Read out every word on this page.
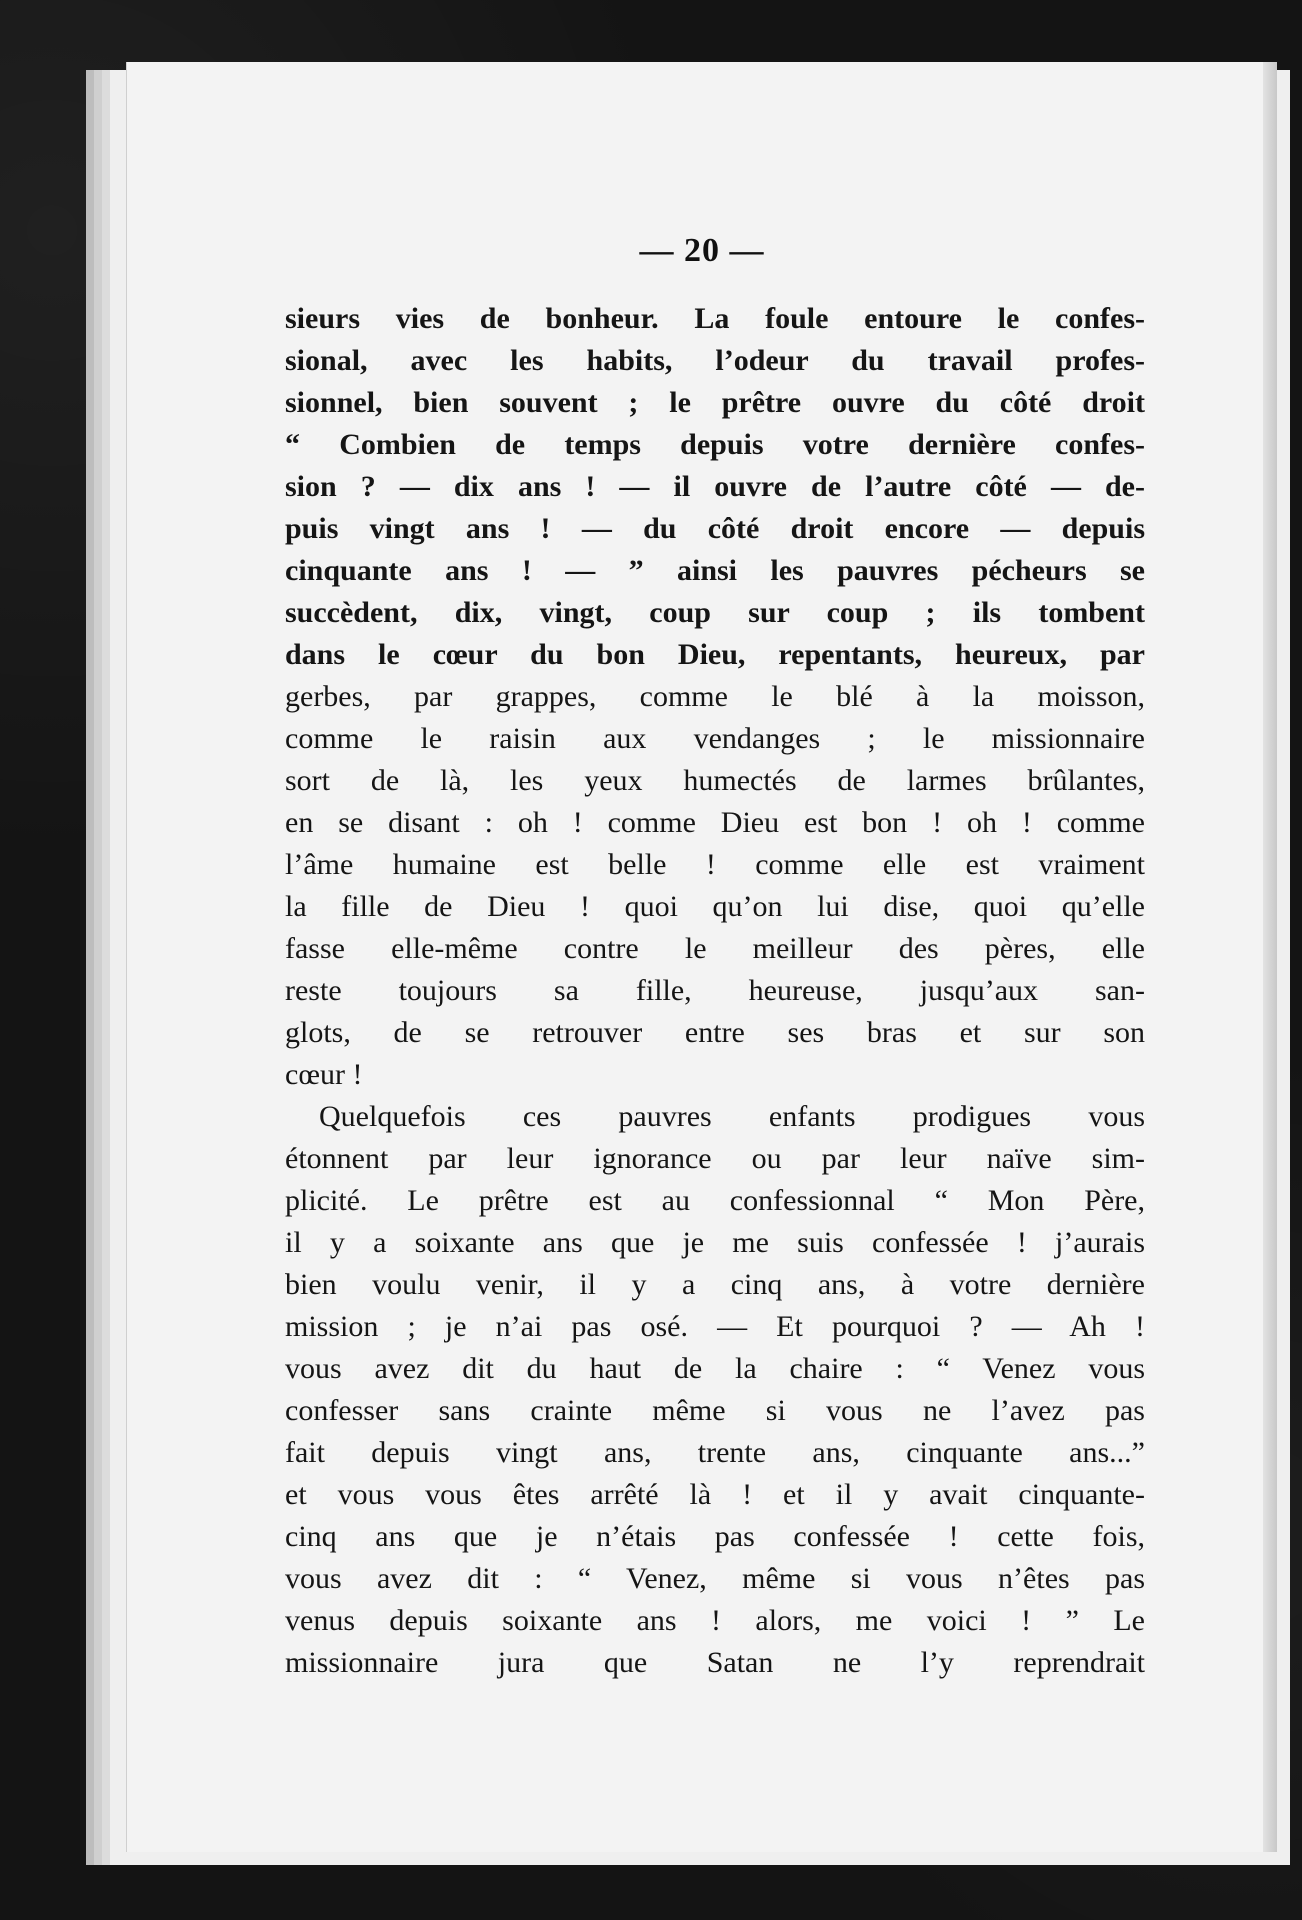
— 20 —
sieurs vies de bonheur. La foule entoure le confes-
sional, avec les habits, l’odeur du travail profes-
sionnel, bien souvent ; le prêtre ouvre du côté droit
“ Combien de temps depuis votre dernière confes-
sion ? — dix ans ! — il ouvre de l’autre côté — de-
puis vingt ans ! — du côté droit encore — depuis
cinquante ans ! — ” ainsi les pauvres pécheurs se
succèdent, dix, vingt, coup sur coup ; ils tombent
dans le cœur du bon Dieu, repentants, heureux, par
gerbes, par grappes, comme le blé à la moisson,
comme le raisin aux vendanges ; le missionnaire
sort de là, les yeux humectés de larmes brûlantes,
en se disant : oh ! comme Dieu est bon ! oh ! comme
l’âme humaine est belle ! comme elle est vraiment
la fille de Dieu ! quoi qu’on lui dise, quoi qu’elle
fasse elle-même contre le meilleur des pères, elle
reste toujours sa fille, heureuse, jusqu’aux san-
glots, de se retrouver entre ses bras et sur son
cœur !
Quelquefois ces pauvres enfants prodigues vous
étonnent par leur ignorance ou par leur naïve sim-
plicité. Le prêtre est au confessionnal “ Mon Père,
il y a soixante ans que je me suis confessée ! j’aurais
bien voulu venir, il y a cinq ans, à votre dernière
mission ; je n’ai pas osé. — Et pourquoi ? — Ah !
vous avez dit du haut de la chaire : “ Venez vous
confesser sans crainte même si vous ne l’avez pas
fait depuis vingt ans, trente ans, cinquante ans...”
et vous vous êtes arrêté là ! et il y avait cinquante-
cinq ans que je n’étais pas confessée ! cette fois,
vous avez dit : “ Venez, même si vous n’êtes pas
venus depuis soixante ans ! alors, me voici ! ” Le
missionnaire jura que Satan ne l’y reprendrait
